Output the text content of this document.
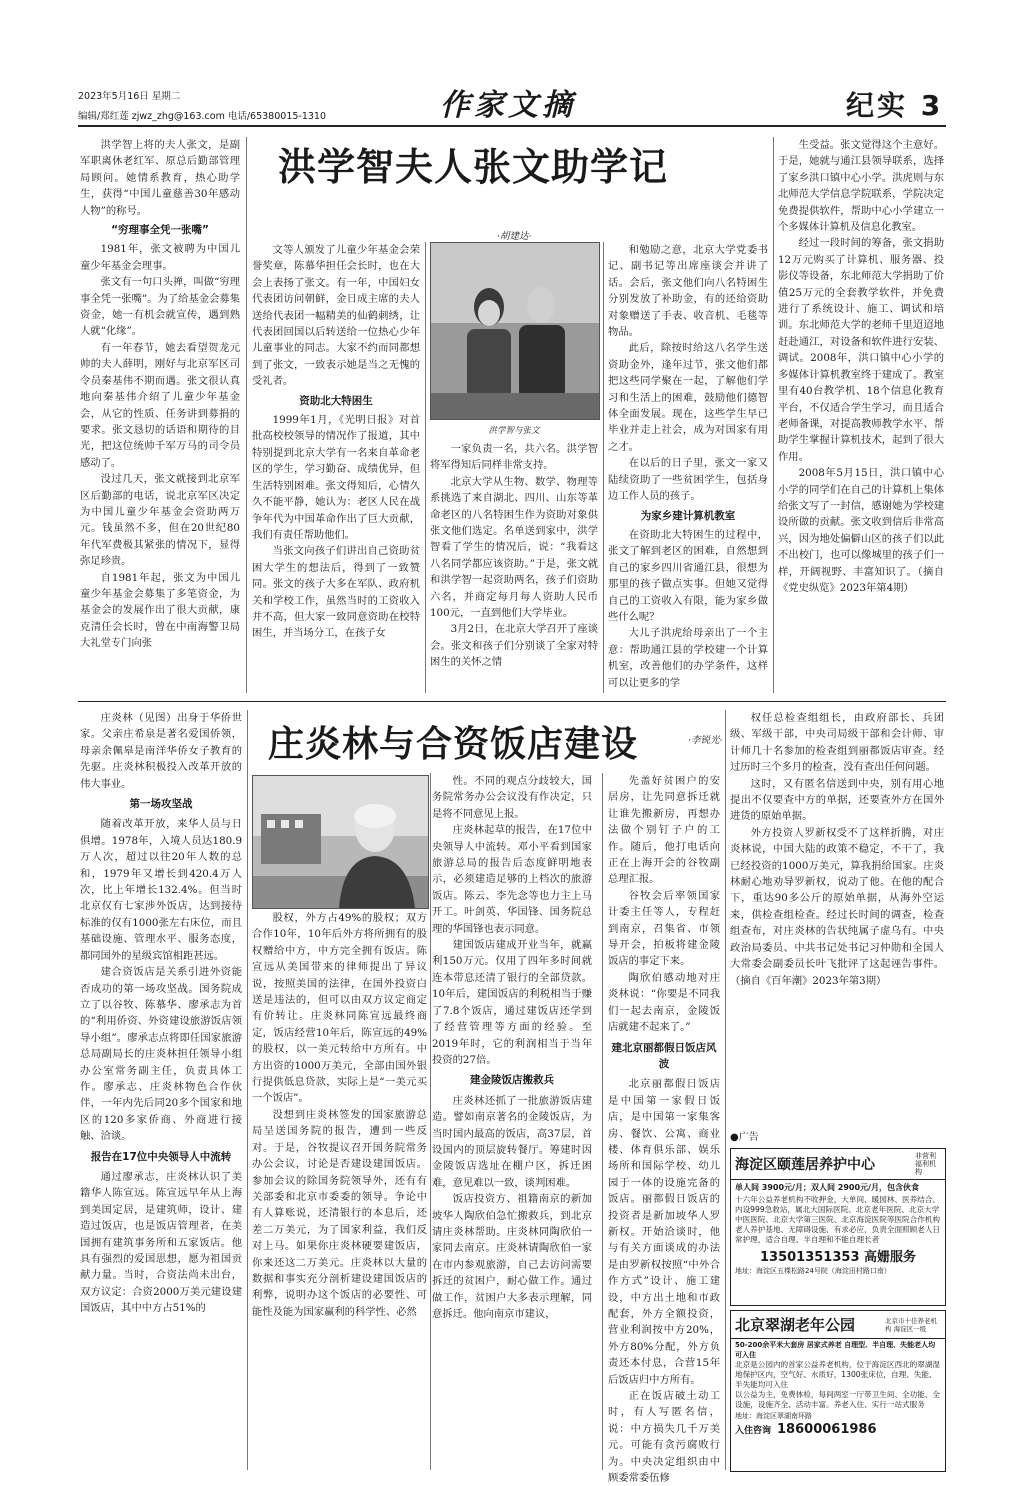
2023年5月16日 星期二
编辑/郑红莲 zjwz_zhg@163.com 电话/65380015-1310	作家文摘	纪实 3
洪学智夫人张文助学记
·胡建达·

洪学智上将的夫人张文，是副军职离休老红军、原总后勤部管理局顾问。她情系教育，热心助学生，获得“中国儿童慈善30年感动人物”的称号。

“穷理事全凭一张嘴”

1981年，张文被聘为中国儿童少年基金会理事。

张文有一句口头禅，叫做“穷理事全凭一张嘴”。为了给基金会募集资金，她一有机会就宣传，遇到熟人就“化缘”。

有一年春节，她去看望贺龙元帅的夫人薛明，刚好与北京军区司令员秦基伟不期而遇。张文很认真地向秦基伟介绍了儿童少年基金会，从它的性质、任务讲到募捐的要求。张文恳切的话语和期待的目光，把这位统帅千军万马的司令员感动了。

没过几天，张文就接到北京军区后勤部的电话，说北京军区决定为中国儿童少年基金会资助两万元。钱虽然不多，但在20世纪80年代军费极其紧张的情况下，显得弥足珍贵。

自1981年起，张文为中国儿童少年基金会募集了多笔资金，为基金会的发展作出了很大贡献，康克清任会长时，曾在中南海警卫局大礼堂专门向张

文等人颁发了儿童少年基金会荣誉奖章，陈慕华担任会长时，也在大会上表扬了张文。有一年，中国妇女代表团访问朝鲜，金日成主席的夫人送给代表团一幅精美的仙鹤刺绣，让代表团回国以后转送给一位热心少年儿童事业的同志。大家不约而同都想到了张文，一致表示她是当之无愧的受礼者。

资助北大特困生

1999年1月，《光明日报》对首批高校校领导的情况作了报道，其中特别提到北京大学有一名来自革命老区的学生，学习勤奋、成绩优异，但生活特别困难。张文得知后，心情久久不能平静，她认为：老区人民在战争年代为中国革命作出了巨大贡献，我们有责任帮助他们。

当张文向孩子们讲出自己资助贫困大学生的想法后，得到了一致赞同。张文的孩子大多在军队、政府机关和学校工作，虽然当时的工资收入并不高，但大家一致同意资助在校特困生，并当场分工，在孩子女

一家负责一名，共六名。洪学智将军得知后同样非常支持。

北京大学从生物、数学、物理等系挑选了来自湖北、四川、山东等革命老区的八名特困生作为资助对象供张文他们选定。名单送到家中，洪学智看了学生的情况后，说：“我看这八名同学都应该资助。”于是，张文就和洪学智一起资助两名，孩子们资助六名，并商定每月每人资助人民币100元，一直到他们大学毕业。

3月2日，在北京大学召开了座谈会。张文和孩子们分别谈了全家对特困生的关怀之情

和勉励之意，北京大学党委书记、副书记等出席座谈会并讲了话。会后，张文他们向八名特困生分别发放了补助金，有的还给资助对象赠送了手表、收音机、毛毯等物品。

此后，除按时给这八名学生送资助金外，逢年过节，张文他们都把这些同学聚在一起，了解他们学习和生活上的困难，鼓励他们德智体全面发展。现在，这些学生早已毕业并走上社会，成为对国家有用之才。

在以后的日子里，张文一家又陆续资助了一些贫困学生，包括身边工作人员的孩子。

为家乡建计算机教室

在资助北大特困生的过程中，张文了解到老区的困难，自然想到自己的家乡四川省通江县，很想为那里的孩子做点实事。但她又觉得自己的工资收入有限，能为家乡做些什么呢？

大儿子洪虎给母亲出了一个主意：帮助通江县的学校建一个计算机室，改善他们的办学条件，这样可以让更多的学

生受益。张文觉得这个主意好。于是，她就与通江县领导联系，选择了家乡洪口镇中心小学。洪虎则与东北师范大学信息学院联系，学院决定免费提供软件，帮助中心小学建立一个多媒体计算机及信息化教室。

经过一段时间的筹备，张文捐助12万元购买了计算机、服务器、投影仪等设备，东北师范大学捐助了价值25万元的全套教学软件，并免费进行了系统设计、施工、调试和培训。东北师范大学的老师千里迢迢地赶赴通江，对设备和软件进行安装、调试。2008年，洪口镇中心小学的多媒体计算机教室终于建成了。教室里有40台教学机、18个信息化教育平台，不仅适合学生学习，而且适合老师备课，对提高教师教学水平、帮助学生掌握计算机技术，起到了很大作用。

2008年5月15日，洪口镇中心小学的同学们在自己的计算机上集体给张文写了一封信，感谢她为学校建设所做的贡献。张文收到信后非常高兴，因为地处偏僻山区的孩子们以此不出校门，也可以像城里的孩子们一样，开阔视野、丰富知识了。（摘自《党史纵览》2023年第4期）

洪学智与张文
庄炎林与合资饭店建设	·李锐光·

庄炎林（见图）出身于华侨世家。父亲庄希泉是著名爱国侨领，母亲余佩皋是南洋华侨女子教育的先驱。庄炎林积极投入改革开放的伟大事业。

第一场攻坚战

随着改革开放，来华人员与日俱增。1978年，入境人员达180.9万人次，超过以往20年人数的总和，1979年又增长到420.4万人次，比上年增长132.4%。但当时北京仅有七家涉外饭店，达到接待标准的仅有1000张左右床位，而且基础设施、管理水平、服务态度，都同国外的星级宾馆相距甚远。

建合资饭店是关系引进外资能否成功的第一场攻坚战。国务院成立了以谷牧、陈慕华、廖承志为首的“利用侨资、外资建设旅游饭店领导小组”。廖承志点将即任国家旅游总局副局长的庄炎林担任领导小组办公室常务副主任，负责具体工作。廖承志、庄炎林物色合作伙伴，一年内先后同20多个国家和地区的120多家侨商、外商进行接触、洽谈。

报告在17位中央领导人中流转

通过廖承志，庄炎林认识了美籍华人陈宣远。陈宣远早年从上海到美国定居，是建筑师，设计、建造过饭店，也是饭店管理者，在美国拥有建筑事务所和五家饭店。他具有强烈的爱国思想，愿为祖国贡献力量。当时，合资法尚未出台，双方议定：合资2000万美元建设建国饭店，其中中方占51%的

股权，外方占49%的股权；双方合作10年，10年后外方将所拥有的股权赠给中方，中方完全拥有饭店。陈宣远从美国带来的律师提出了异议说，按照美国的法律，在国外投资白送是违法的，但可以由双方议定商定有价转让。庄炎林同陈宣远最终商定，饭店经营10年后，陈宣远的49%的股权，以一美元转给中方所有。中方出资的1000万美元，全部由国外银行提供低息贷款，实际上是“一美元买一个饭店”。

没想到庄炎林签发的国家旅游总局呈送国务院的报告，遭到一些反对。于是，谷牧提议召开国务院常务办公会议，讨论是否建设建国饭店。参加会议的除国务院领导外，还有有关部委和北京市委委的领导。争论中有人算账说，还清银行的本息后，还差二万美元，为了国家利益，我们反对上马。如果你庄炎林硬要建饭店，你来还这二万美元。庄炎林以大量的数据和事实充分剖析建设建国饭店的利弊，说明办这个饭店的必要性、可能性及能为国家赢利的科学性、必然

性。不同的观点分歧较大，国务院常务办公会议没有作决定，只是将不同意见上报。

庄炎林起草的报告，在17位中央领导人中流转。邓小平看到国家旅游总局的报告后态度鲜明地表示，必须建造足够的上档次的旅游饭店。陈云、李先念等也力主上马开工。叶剑英、华国锋、国务院总理的华国锋也表示同意。

建国饭店建成开业当年，就赢利150万元。仅用了四年多时间就连本带息还清了银行的全部贷款。10年后，建国饭店的利税相当于赚了7.8个饭店，通过建饭店还学到了经营管理等方面的经验。至2019年时，它的利润相当于当年投资的27倍。

建金陵饭店搬救兵

庄炎林还抓了一批旅游饭店建造。譬如南京著名的金陵饭店，为当时国内最高的饭店，高37层，首设国内的顶层旋转餐厅。筹建时因金陵饭店选址在棚户区，拆迁困难，意见难以一致，谈判困难。

饭店投资方、祖籍南京的新加坡华人陶欣伯急忙搬救兵，到北京请庄炎林帮助。庄炎林同陶欣伯一家同去南京。庄炎林请陶欣伯一家在市内参观旅游，自己去访问需要拆迁的贫困户，耐心做工作。通过做工作，贫困户大多表示理解，同意拆迁。他向南京市建议，

先盖好贫困户的安居房，让先同意拆迁就让谁先搬新房，再想办法做个别钉子户的工作。随后，他打电话向正在上海开会的谷牧副总理汇报。

谷牧会后率领国家计委主任等人，专程赶到南京，召集省、市领导开会，拍板将建金陵饭店的事定下来。

陶欣伯感动地对庄炎林说：“你要是不同我们一起去南京，金陵饭店就建不起来了。”

建北京丽都假日饭店风波

北京丽都假日饭店是中国第一家假日饭店，是中国第一家集客房、餐饮、公寓、商业楼、体育俱乐部、娱乐场所和国际学校、幼儿园于一体的设施完备的饭店。丽都假日饭店的投资者是新加坡华人罗新权。开始洽谈时，他与有关方面谈成的办法是由罗新权按照“中外合作方式”设计、施工建设，中方出土地和市政配套，外方全额投资，营业利润按中方20%，外方80%分配，外方负责还本付息，合营15年后饭店归中方所有。

正在饭店破土动工时，有人写匿名信，说：中方损失几千万美元。可能有贪污腐败行为。中央决定组织由中顾委常委伍修

权任总检查组组长，由政府部长、兵团级、军级干部，中央司局级干部和会计师、审计师几十名参加的检查组到丽都饭店审查。经过历时三个多月的检查，没有查出任何问题。

这时，又有匿名信送到中央，别有用心地提出不仅要查中方的单据，还要查外方在国外进货的原始单据。

外方投资人罗新权受不了这样折腾，对庄炎林说，中国大陆的政策不稳定，不干了，我已经投资的1000万美元，算我捐给国家。庄炎林耐心地劝导罗新权，说动了他。在他的配合下，重达90多公斤的原始单据，从海外空运来，供检查组检查。经过长时间的调查，检查组查布，对庄炎林的告状纯属子虚乌有。中央政治局委员、中共书记处书记习仲勋和全国人大常委会副委员长叶飞批评了这起诬告事件。（摘自《百年潮》2023年第3期）

●广告
海淀区颐莲居养护中心
非营利 福利机构
单人间 3900元/月；双人间 2900元/月，包含伙食
十六年公益养老机构不收押金，大单间、暖园林、医养结合、内设999急救站，属北大国际医院、北京老年医院、北京大学中医医院、北京大学第三医院、北京海淀医院等医院合作机构
老人养护基地、无障碍设施、有求必应，负责全面照顾老人日常护理，适合自理、半自理和不能自理长者
13501351353 高姗服务
地址：海淀区五棵松路24号院（海淀田村路口南）
北京翠湖老年公园	北京市十佳养老机构 海淀区一级
50-200余平米大套房 居家式养老 自理型、半自理、失能老人均可入住
北京是公园内的首家公益养老机构，位于海淀区西北的翠湖湿地保护区内，空气好、水质好，1300张床位，自理、失能、半失能均可入住
以公益为主，免费体检，每间两室一厅带卫生间、全功能、全设施，设施齐全、活动丰富。养老入住、实行一站式服务
地址：海淀区翠湖南环路
入住咨询 18600061986
